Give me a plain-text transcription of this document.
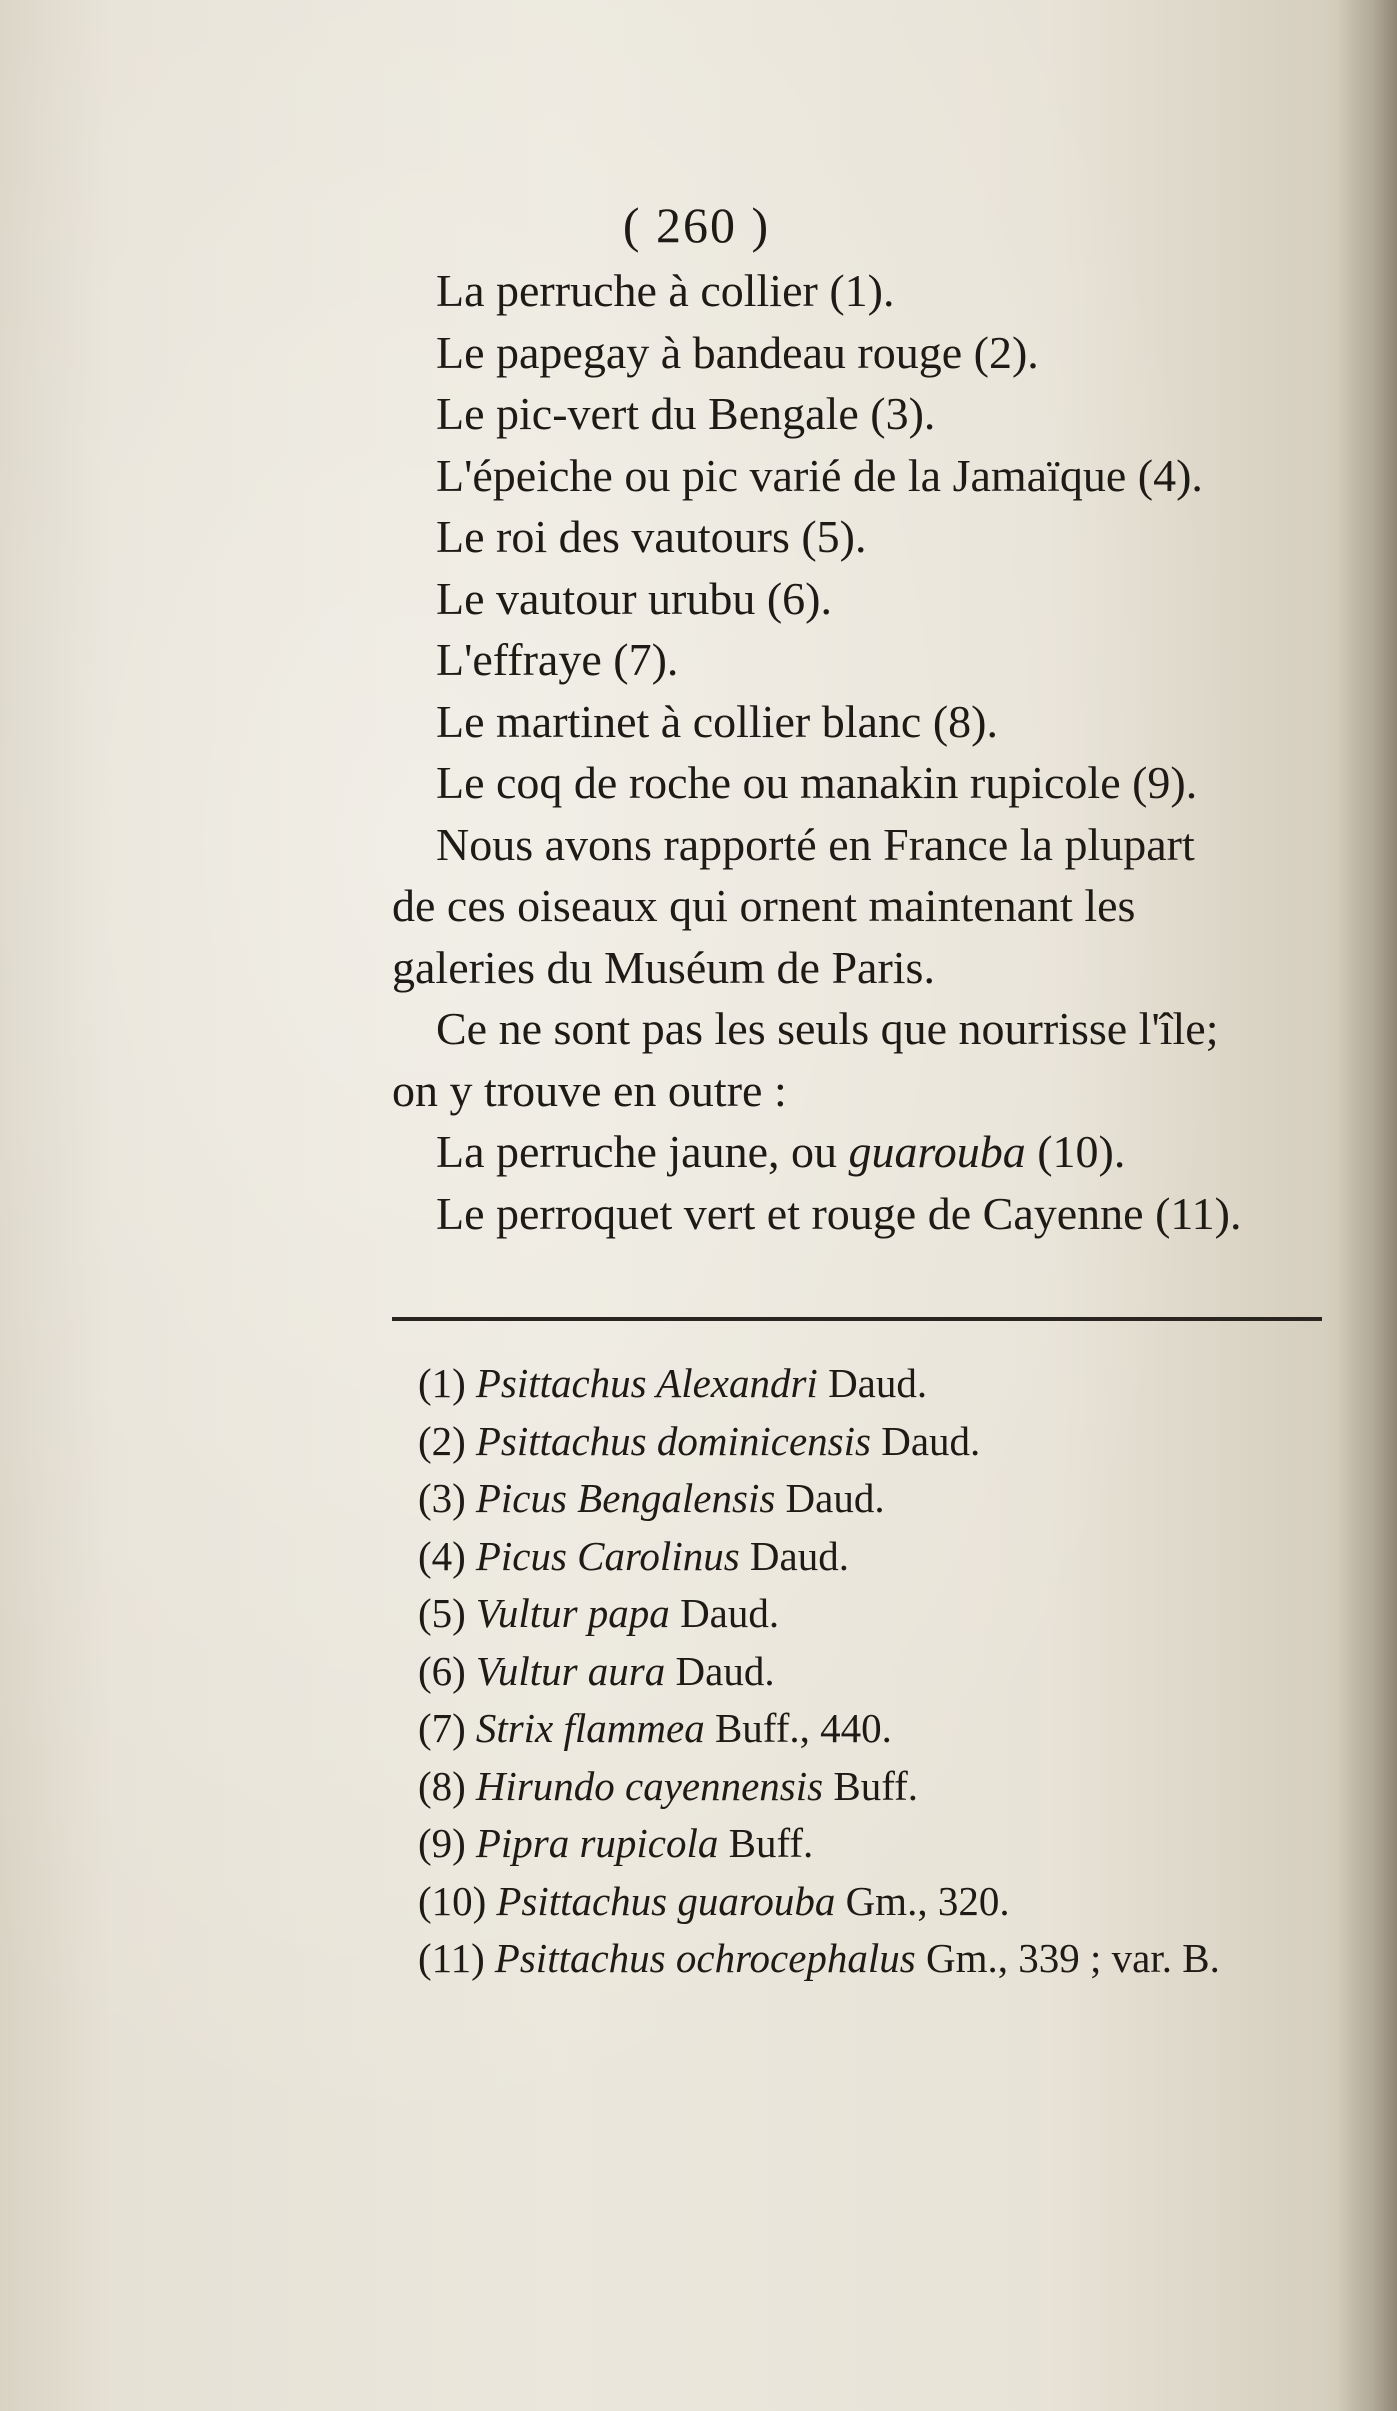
( 260 )
La perruche à collier (1).
Le papegay à bandeau rouge (2).
Le pic-vert du Bengale (3).
L'épeiche ou pic varié de la Jamaïque (4).
Le roi des vautours (5).
Le vautour urubu (6).
L'effraye (7).
Le martinet à collier blanc (8).
Le coq de roche ou manakin rupicole (9).
Nous avons rapporté en France la plupart
de ces oiseaux qui ornent maintenant les
galeries du Muséum de Paris.
Ce ne sont pas les seuls que nourrisse l'île;
on y trouve en outre :
La perruche jaune, ou guarouba (10).
Le perroquet vert et rouge de Cayenne (11).
(1) Psittachus Alexandri Daud.
(2) Psittachus dominicensis Daud.
(3) Picus Bengalensis Daud.
(4) Picus Carolinus Daud.
(5) Vultur papa Daud.
(6) Vultur aura Daud.
(7) Strix flammea Buff., 440.
(8) Hirundo cayennensis Buff.
(9) Pipra rupicola Buff.
(10) Psittachus guarouba Gm., 320.
(11) Psittachus ochrocephalus Gm., 339 ; var. B.
